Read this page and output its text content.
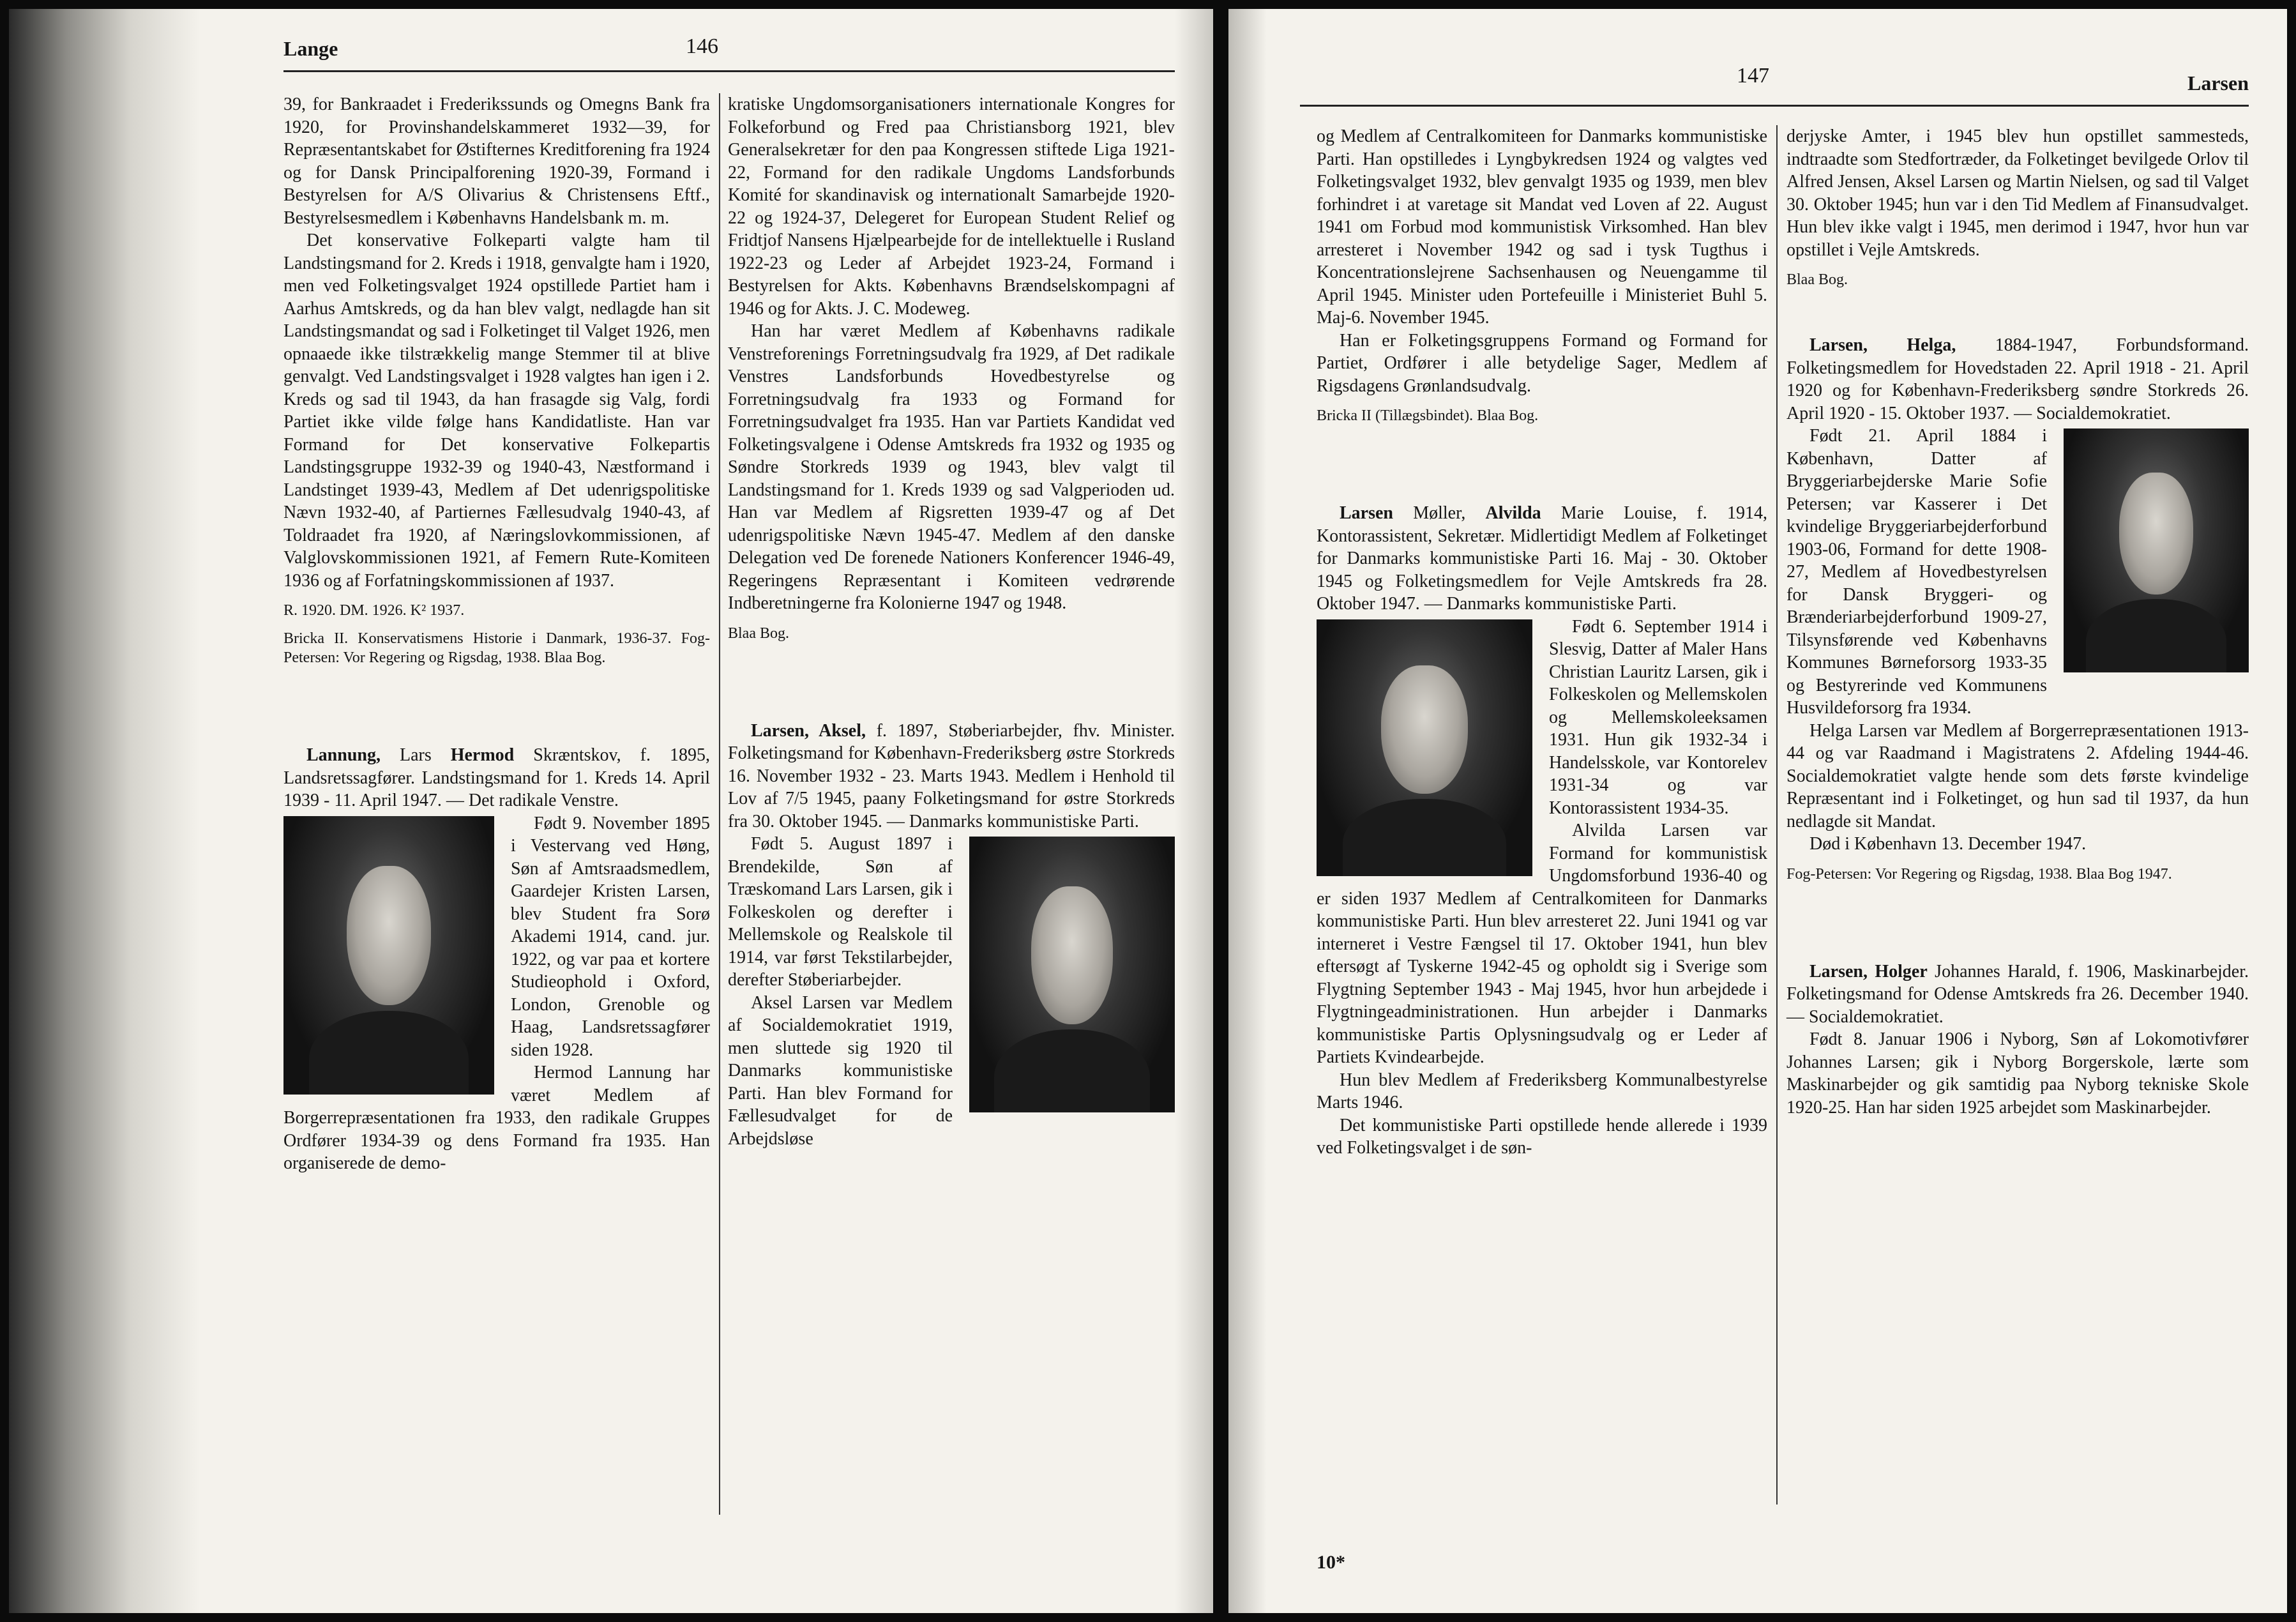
Lange	146

39, for Bankraadet i Frederikssunds og Omegns Bank fra 1920, for Provinshandelskammeret 1932—39, for Repræsentantskabet for Østifternes Kreditforening fra 1924 og for Dansk Principalforening 1920-39, Formand i Bestyrelsen for A/S Olivarius & Christensens Eftf., Bestyrelsesmedlem i Københavns Handelsbank m. m.

Det konservative Folkeparti valgte ham til Landstingsmand for 2. Kreds i 1918, genvalgte ham i 1920, men ved Folketingsvalget 1924 opstillede Partiet ham i Aarhus Amtskreds, og da han blev valgt, nedlagde han sit Landstingsmandat og sad i Folketinget til Valget 1926, men opnaaede ikke tilstrækkelig mange Stemmer til at blive genvalgt. Ved Landstingsvalget i 1928 valgtes han igen i 2. Kreds og sad til 1943, da han frasagde sig Valg, fordi Partiet ikke vilde følge hans Kandidatliste. Han var Formand for Det konservative Folkepartis Landstingsgruppe 1932-39 og 1940-43, Næstformand i Landstinget 1939-43, Medlem af Det udenrigspolitiske Nævn 1932-40, af Partiernes Fællesudvalg 1940-43, af Toldraadet fra 1920, af Næringslovkommissionen, af Valglovskommissionen 1921, af Femern Rute-Komiteen 1936 og af Forfatningskommissionen af 1937.

R. 1920. DM. 1926. K² 1937.

Bricka II. Konservatismens Historie i Danmark, 1936-37. Fog-Petersen: Vor Regering og Rigsdag, 1938. Blaa Bog.

Lannung, Lars Hermod Skræntskov, f. 1895, Landsretssagfører. Landstingsmand for 1. Kreds 14. April 1939 - 11. April 1947. — Det radikale Venstre.

Født 9. November 1895 i Vestervang ved Høng, Søn af Amtsraadsmedlem, Gaardejer Kristen Larsen, blev Student fra Sorø Akademi 1914, cand. jur. 1922, og var paa et kortere Studieophold i Oxford, London, Grenoble og Haag, Landsretssagfører siden 1928.

Hermod Lannung har været Medlem af Borgerrepræsentationen fra 1933, den radikale Gruppes Ordfører 1934-39 og dens Formand fra 1935. Han organiserede de demo-

kratiske Ungdomsorganisationers internationale Kongres for Folkeforbund og Fred paa Christiansborg 1921, blev Generalsekretær for den paa Kongressen stiftede Liga 1921-22, Formand for den radikale Ungdoms Landsforbunds Komité for skandinavisk og internationalt Samarbejde 1920-22 og 1924-37, Delegeret for European Student Relief og Fridtjof Nansens Hjælpearbejde for de intellektuelle i Rusland 1922-23 og Leder af Arbejdet 1923-24, Formand i Bestyrelsen for Akts. Københavns Brændselskompagni af 1946 og for Akts. J. C. Modeweg.

Han har været Medlem af Københavns radikale Venstreforenings Forretningsudvalg fra 1929, af Det radikale Venstres Landsforbunds Hovedbestyrelse og Forretningsudvalg fra 1933 og Formand for Forretningsudvalget fra 1935. Han var Partiets Kandidat ved Folketingsvalgene i Odense Amtskreds fra 1932 og 1935 og Søndre Storkreds 1939 og 1943, blev valgt til Landstingsmand for 1. Kreds 1939 og sad Valgperioden ud. Han var Medlem af Rigsretten 1939-47 og af Det udenrigspolitiske Nævn 1945-47. Medlem af den danske Delegation ved De forenede Nationers Konferencer 1946-49, Regeringens Repræsentant i Komiteen vedrørende Indberetningerne fra Kolonierne 1947 og 1948.

Blaa Bog.

Larsen, Aksel, f. 1897, Støberiarbejder, fhv. Minister. Folketingsmand for København-Frederiksberg østre Storkreds 16. November 1932 - 23. Marts 1943. Medlem i Henhold til Lov af 7/5 1945, paany Folketingsmand for østre Storkreds fra 30. Oktober 1945. — Danmarks kommunistiske Parti.

Født 5. August 1897 i Brendekilde, Søn af Træskomand Lars Larsen, gik i Folkeskolen og derefter i Mellemskole og Realskole til 1914, var først Tekstilarbejder, derefter Støberiarbejder.

Aksel Larsen var Medlem af Socialdemokratiet 1919, men sluttede sig 1920 til Danmarks kommunistiske Parti. Han blev Formand for Fællesudvalget for de Arbejdsløse

147	Larsen

og Medlem af Centralkomiteen for Danmarks kommunistiske Parti. Han opstilledes i Lyngbykredsen 1924 og valgtes ved Folketingsvalget 1932, blev genvalgt 1935 og 1939, men blev forhindret i at varetage sit Mandat ved Loven af 22. August 1941 om Forbud mod kommunistisk Virksomhed. Han blev arresteret i November 1942 og sad i tysk Tugthus i Koncentrationslejrene Sachsenhausen og Neuengamme til April 1945. Minister uden Portefeuille i Ministeriet Buhl 5. Maj-6. November 1945.

Han er Folketingsgruppens Formand og Formand for Partiet, Ordfører i alle betydelige Sager, Medlem af Rigsdagens Grønlandsudvalg.

Bricka II (Tillægsbindet). Blaa Bog.

Larsen Møller, Alvilda Marie Louise, f. 1914, Kontorassistent, Sekretær. Midlertidigt Medlem af Folketinget for Danmarks kommunistiske Parti 16. Maj - 30. Oktober 1945 og Folketingsmedlem for Vejle Amtskreds fra 28. Oktober 1947. — Danmarks kommunistiske Parti.

Født 6. September 1914 i Slesvig, Datter af Maler Hans Christian Lauritz Larsen, gik i Folkeskolen og Mellemskolen og Mellemskoleeksamen 1931. Hun gik 1932-34 i Handelsskole, var Kontorelev 1931-34 og var Kontorassistent 1934-35.

Alvilda Larsen var Formand for kommunistisk Ungdomsforbund 1936-40 og er siden 1937 Medlem af Centralkomiteen for Danmarks kommunistiske Parti. Hun blev arresteret 22. Juni 1941 og var interneret i Vestre Fængsel til 17. Oktober 1941, hun blev eftersøgt af Tyskerne 1942-45 og opholdt sig i Sverige som Flygtning September 1943 - Maj 1945, hvor hun arbejdede i Flygtningeadministrationen. Hun arbejder i Danmarks kommunistiske Partis Oplysningsudvalg og er Leder af Partiets Kvindearbejde.

Hun blev Medlem af Frederiksberg Kommunalbestyrelse Marts 1946.

Det kommunistiske Parti opstillede hende allerede i 1939 ved Folketingsvalget i de søn-

derjyske Amter, i 1945 blev hun opstillet sammesteds, indtraadte som Stedfortræder, da Folketinget bevilgede Orlov til Alfred Jensen, Aksel Larsen og Martin Nielsen, og sad til Valget 30. Oktober 1945; hun var i den Tid Medlem af Finansudvalget. Hun blev ikke valgt i 1945, men derimod i 1947, hvor hun var opstillet i Vejle Amtskreds.

Blaa Bog.

Larsen, Helga, 1884-1947, Forbundsformand. Folketingsmedlem for Hovedstaden 22. April 1918 - 21. April 1920 og for København-Frederiksberg søndre Storkreds 26. April 1920 - 15. Oktober 1937. — Socialdemokratiet.

Født 21. April 1884 i København, Datter af Bryggeriarbejderske Marie Sofie Petersen; var Kasserer i Det kvindelige Bryggeriarbejderforbund 1903-06, Formand for dette 1908-27, Medlem af Hovedbestyrelsen for Dansk Bryggeri- og Brænderiarbejderforbund 1909-27, Tilsynsførende ved Københavns Kommunes Børneforsorg 1933-35 og Bestyrerinde ved Kommunens Husvildeforsorg fra 1934.

Helga Larsen var Medlem af Borgerrepræsentationen 1913-44 og var Raadmand i Magistratens 2. Afdeling 1944-46. Socialdemokratiet valgte hende som dets første kvindelige Repræsentant ind i Folketinget, og hun sad til 1937, da hun nedlagde sit Mandat.

Død i København 13. December 1947.

Fog-Petersen: Vor Regering og Rigsdag, 1938. Blaa Bog 1947.

Larsen, Holger Johannes Harald, f. 1906, Maskinarbejder. Folketingsmand for Odense Amtskreds fra 26. December 1940. — Socialdemokratiet.

Født 8. Januar 1906 i Nyborg, Søn af Lokomotivfører Johannes Larsen; gik i Nyborg Borgerskole, lærte som Maskinarbejder og gik samtidig paa Nyborg tekniske Skole 1920-25. Han har siden 1925 arbejdet som Maskinarbejder.

10*
